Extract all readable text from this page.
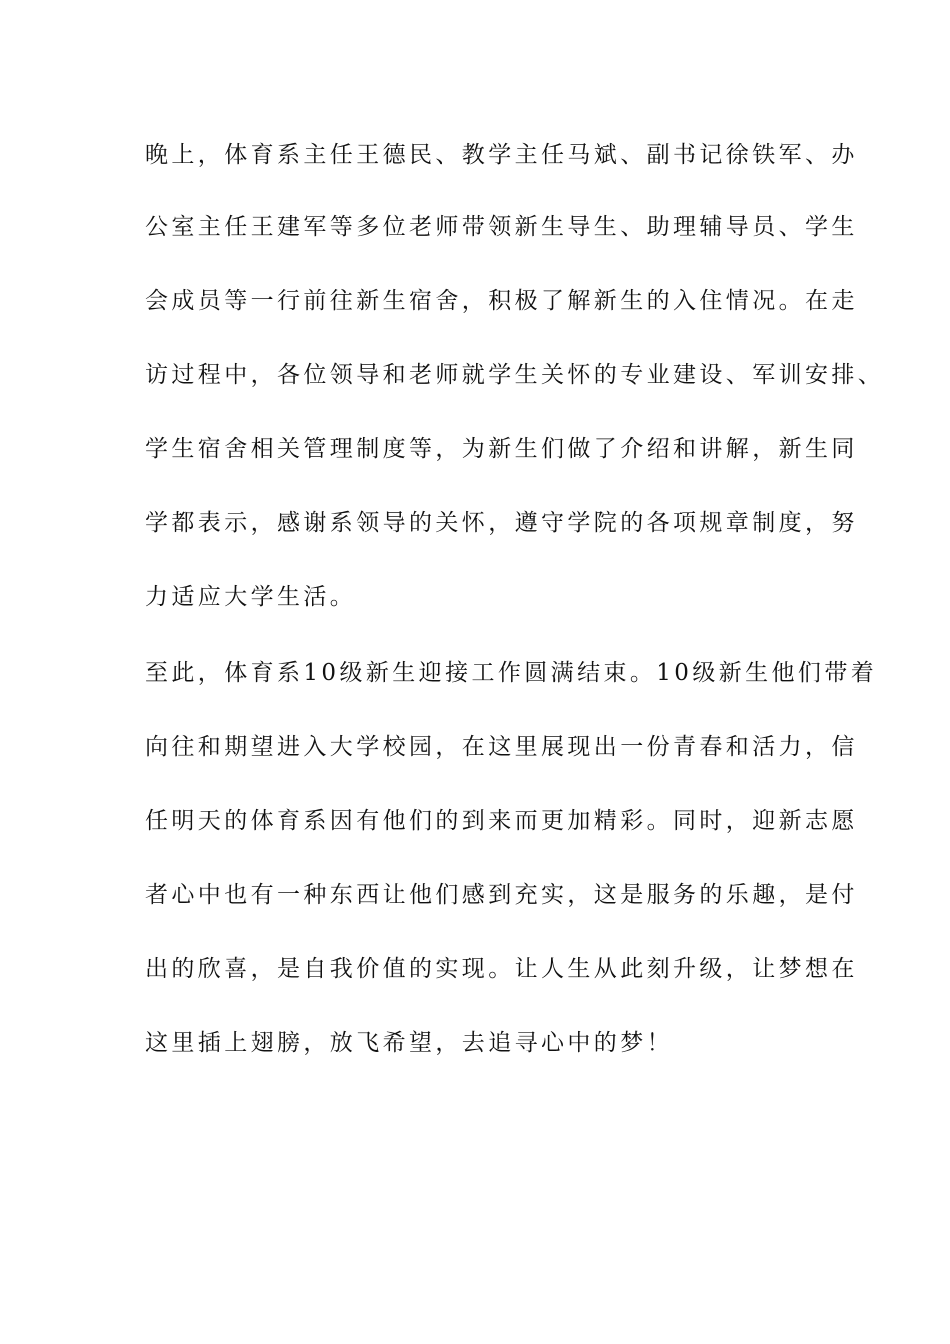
晚上，体育系主任王德民、教学主任马斌、副书记徐铁军、办
公室主任王建军等多位老师带领新生导生、助理辅导员、学生
会成员等一行前往新生宿舍，积极了解新生的入住情况。在走
访过程中，各位领导和老师就学生关怀的专业建设、军训安排、
学生宿舍相关管理制度等，为新生们做了介绍和讲解，新生同
学都表示，感谢系领导的关怀，遵守学院的各项规章制度，努
力适应大学生活。
至此，体育系10级新生迎接工作圆满结束。10级新生他们带着
向往和期望进入大学校园，在这里展现出一份青春和活力，信
任明天的体育系因有他们的到来而更加精彩。同时，迎新志愿
者心中也有一种东西让他们感到充实，这是服务的乐趣，是付
出的欣喜，是自我价值的实现。让人生从此刻升级，让梦想在
这里插上翅膀，放飞希望，去追寻心中的梦！
